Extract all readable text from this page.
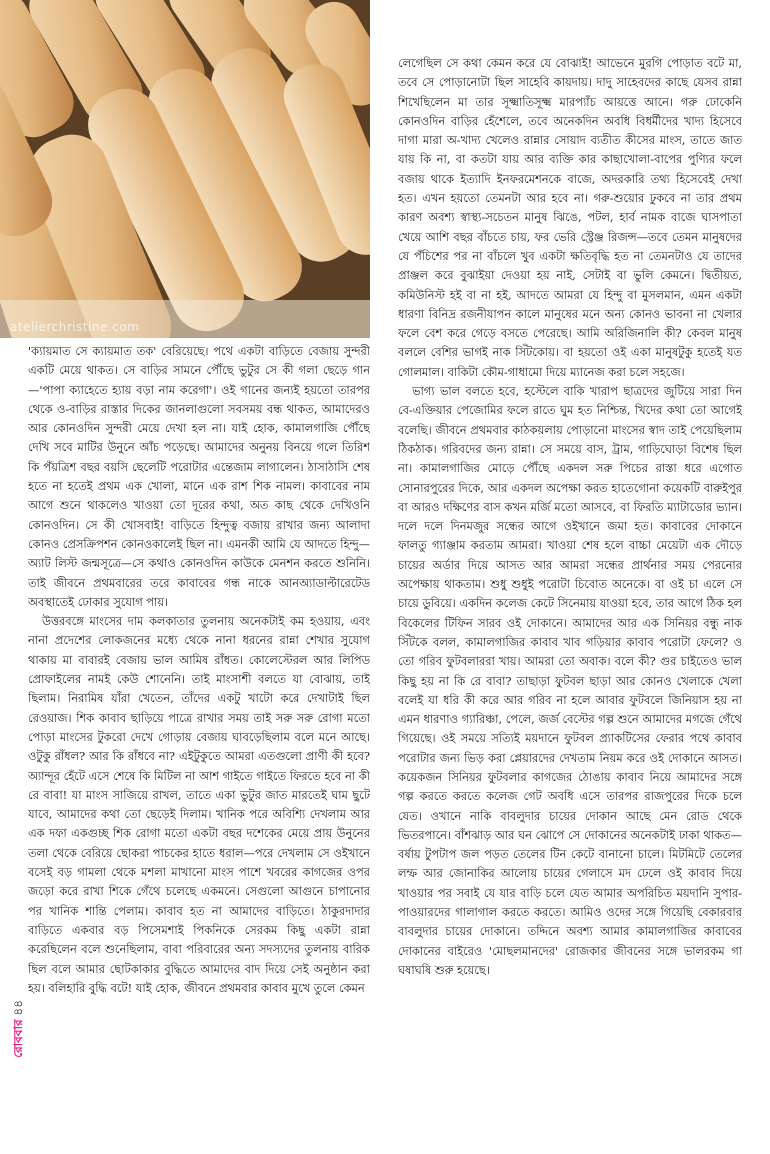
atelierchristine.com

'ক্যায়মাত সে ক্যায়মাত তক' বেরিয়েছে। পথে একটা বাড়িতে বেজায় সুন্দরী একটি মেয়ে থাকত। সে বাড়ির সামনে পৌঁছে ভুটুর সে কী গলা ছেড়ে গান—'পাপা ক্যাহেতে হ্যায় বড়া নাম করেগা'। ওই গানের জন্যই হয়তো তারপর থেকে ও-বাড়ির রাস্তার দিকের জানলাগুলো সবসময় বন্ধ থাকত, আমাদেরও আর কোনওদিন সুন্দরী মেয়ে দেখা হল না। যাই হোক, কামালগাজি পৌঁছে দেখি সবে মাটির উনুনে আঁচ পড়েছে। আমাদের অনুনয় বিনয়ে গলে তিরিশ কি পঁয়ত্রিশ বছর বয়সি ছেলেটি পরোটার এন্তেজাম লাগালেন। ঠাসাঠাসি শেষ হতে না হতেই প্রথম এক খোলা, মানে এক রাশ শিক নামল। কাবাবের নাম আগে শুনে থাকলেও খাওয়া তো দূরের কথা, অত কাছ থেকে দেখিওনি কোনওদিন। সে কী খোসবাই! বাড়িতে হিন্দুত্ব বজায় রাখার জন্য আলাদা কোনও প্রেসক্রিপশন কোনওকালেই ছিল না। এমনকী আমি যে আদতে হিন্দু—অ্যাট লিস্ট জন্মসূত্রে—সে কথাও কোনওদিন কাউকে মেনশন করতে শুনিনি। তাই জীবনে প্রথমবারের তরে কাবাবের গন্ধ নাকে আনঅ্যাডাল্টারেটেড অবস্থাতেই ঢোকার সুযোগ পায়।

উত্তরবঙ্গে মাংসের দাম কলকাতার তুলনায় অনেকটাই কম হওয়ায়, এবং নানা প্রদেশের লোকজনের মধ্যে থেকে নানা ধরনের রান্না শেখার সুযোগ থাকায় মা বাবারই বেজায় ভাল আমিষ রাঁধত। কোলেস্টেরল আর লিপিড প্রোফাইলের নামই কেউ শোনেনি। তাই মাংসাশী বলতে যা বোঝায়, তাই ছিলাম। নিরামিষ যাঁরা খেতেন, তাঁদের একটু খাটো করে দেখাটাই ছিল রেওয়াজ। শিক কাবাব ছাড়িয়ে পাত্রে রাখার সময় তাই সরু সরু রোগা মতো পোড়া মাংসের টুকরো দেখে গোড়ায় বেজায় ঘাবড়েছিলাম বলে মনে আছে। ওটুকু রাঁধল? আর কি রাঁধবে না? এইটুকুতে আমরা এতগুলো প্রাণী কী হবে? অ্যান্দূর হেঁটে এসে শেষে কি মিটিল না আশ গাইতে গাইতে ফিরতে হবে না কী রে বাবা! যা মাংস সাজিয়ে রাখল, তাতে একা ভুটুর জাত মারতেই ঘাম ছুটে যাবে, আমাদের কথা তো ছেড়েই দিলাম। খানিক পরে অবিশ্যি দেখলাম আর এক দফা একগুচ্ছ শিক রোগা মতো একটা বছর দশেকের মেয়ে প্রায় উনুনের তলা থেকে বেরিয়ে ছোকরা পাচকের হাতে ধরাল—পরে দেখলাম সে ওইখানে বসেই বড় গামলা থেকে মশলা মাখানো মাংস পাশে খবরের কাগজের ওপর জড়ো করে রাখা শিকে গেঁথে চলেছে একমনে। সেগুলো আগুনে চাপানোর পর খানিক শান্তি পেলাম। কাবাব হত না আমাদের বাড়িতে। ঠাকুরদাদার বাড়িতে একবার বড় পিসেমশাই পিকনিকে সেরকম কিছু একটা রান্না করেছিলেন বলে শুনেছিলাম, বাবা পরিবারের অন্য সদস্যদের তুলনায় বারিক ছিল বলে আমার ছোটকাকার বুদ্ধিতে আমাদের বাদ দিয়ে সেই অনুষ্ঠান করা হয়। বলিহারি বুদ্ধি বটে! যাই হোক, জীবনে প্রথমবার কাবাব মুখে তুলে কেমন

লেগেছিল সে কথা কেমন করে যে বোঝাই! আভেনে মুরগি পোড়াত বটে মা, তবে সে পোড়ানোটা ছিল সাহেবি কায়দায়। দাদু সাহেবদের কাছে যেসব রান্না শিখেছিলেন মা তার সূক্ষ্মাতিসূক্ষ্ম মারপ্যাঁচ আয়ত্তে আনে। গরু ঢোকেনি কোনওদিন বাড়ির হেঁশেলে, তবে অনেকদিন অবধি বিধর্মীদের খাদ্য হিসেবে দাগা মারা অ-খাদ্য খেলেও রান্নার সোয়াদ ব্যতীত কীসের মাংস, তাতে জাত যায় কি না, বা কতটা যায় আর ব্যক্তি কার কাছাখোলা-বাপের পুণ্যির ফলে বজায় থাকে ইত্যাদি ইনফরমেশনকে বাজে, অদরকারি তথ্য হিসেবেই দেখা হত। এখন হয়তো তেমনটা আর হবে না। গরু-শুয়োর ঢুকবে না তার প্রথম কারণ অবশ্য স্বাস্থ্য-সচেতন মানুষ ঝিঙে, পটল, হার্ব নামক বাজে ঘাসপাতা খেয়ে আশি বছর বাঁচতে চায়, ফর ভেরি স্ট্রেঞ্জ রিজন্স—তবে তেমন মানুষদের যে পঁচিশের পর না বাঁচলে খুব একটা ক্ষতিবৃদ্ধি হত না তেমনটাও যে তাদের প্রাঞ্জল করে বুঝাইয়া দেওয়া হয় নাই, সেটাই বা ভুলি কেমনে। দ্বিতীয়ত, কমিউনিস্ট হই বা না হই, আদতে আমরা যে হিন্দু বা মুসলমান, এমন একটা ধারণা বিনিদ্র রজনীযাপন কালে মানুষের মনে অন্য কোনও ভাবনা না খেলার ফলে বেশ করে গেড়ে বসতে পেরেছে। আমি অরিজিনালি কী? কেবল মানুষ বললে বেশির ভাগই নাক সিঁটকোয়। বা হয়তো ওই একা মানুষটুকু হতেই যত গোলমাল। বাকিটা কৌম-গাধামো দিয়ে ম্যানেজ করা চলে সহজে।

ভাগ্য ভাল বলতে হবে, হস্টেলে বাকি খারাপ ছাত্রদের জুটিয়ে সারা দিন বে-এক্তিয়ার পেজোমির ফলে রাতে ঘুম হত নিশ্চিন্ত, খিদের কথা তো আগেই বলেছি। জীবনে প্রথমবার কাঠকয়লায় পোড়ানো মাংসের স্বাদ তাই পেয়েছিলাম ঠিকঠাক। গরিবদের জন্য রান্না। সে সময়ে বাস, ট্রাম, গাড়িঘোড়া বিশেষ ছিল না। কামালগাজির মোড়ে পৌঁছে একদল সরু পিচের রাস্তা ধরে এগোত সোনারপুরের দিকে, আর একদল অপেক্ষা করত হাতেগোনা কয়েকটি বারুইপুর বা আরও দক্ষিণের বাস কখন মর্জি মতো আসবে, বা ফিরতি ম্যাটাডোর ভ্যান। দলে দলে দিনমজুর সন্ধের আগে ওইখানে জমা হত। কাবাবের দোকানে ফালতু গ্যাঞ্জাম করতাম আমরা। খাওয়া শেষ হলে বাচ্চা মেয়েটা এক দৌড়ে চায়ের অর্ডার দিয়ে আসত আর আমরা সন্ধের প্রার্থনার সময় পেরনোর অপেক্ষায় থাকতাম। শুধু শুধুই পরোটা চিবোত অনেকে। বা ওই চা এলে সে চায়ে ডুবিয়ে। একদিন কলেজ কেটে সিনেমায় যাওয়া হবে, তার আগে ঠিক হল বিকেলের টিফিন সারব ওই দোকানে। আমাদের আর এক সিনিয়র বন্ধু নাক সিঁটকে বলল, কামালগাজির কাবাব খাব গড়িয়ার কাবাব পরোটা ফেলে? ও তো গরিব ফুটবলাররা খায়। আমরা তো অবাক। বলে কী? গুর চাইতেও ভাল কিছু হয় না কি রে বাবা? তাছাড়া ফুটবল ছাড়া আর কোনও খেলাকে খেলা বলেই যা ধরি কী করে আর গরিব না হলে আবার ফুটবলে জিনিয়াস হয় না এমন ধারণাও গ্যারিঞ্চা, পেলে, জর্জ বেস্টের গল্প শুনে আমাদের মগজে গেঁথে গিয়েছে। ওই সময়ে সত্যিই ময়দানে ফুটবল প্র্যাকটিসের ফেরার পথে কাবাব পরোটার জন্য ভিড় করা প্লেয়ারদের দেখতাম নিয়ম করে ওই দোকানে আসত। কয়েকজন সিনিয়র ফুটবলার কাগজের ঠোঙায় কাবাব নিয়ে আমাদের সঙ্গে গল্প করতে করতে কলেজ গেট অবধি এসে তারপর রাজপুরের দিকে চলে যেত। ওখানে নাকি বাবলুদার চায়ের দোকান আছে মেন রোড থেকে ভিতরপানে। বাঁশঝাড় আর ঘন ঝোপে সে দোকানের অনেকটাই ঢাকা থাকত—বর্ষায় টুপটাপ জল পড়ত তেলের টিন কেটে বানানো চালে। মিটমিটে তেলের লম্ফ আর জোনাকির আলোয় চায়ের গেলাসে মদ ঢেলে ওই কাবাব দিয়ে খাওয়ার পর সবাই যে যার বাড়ি চলে যেত আমার অপরিচিত ময়দানি সুপার-পাওয়ারদের গালাগাল করতে করতে। আমিও ওদের সঙ্গে গিয়েছি বেকারবার বাবলুদার চায়ের দোকানে। তদ্দিনে অবশ্য আমার কামালগাজির কাবাবের দোকানের বাইরেও 'মোছলমানদের' রোজকার জীবনের সঙ্গে ভালরকম গা ঘষাঘষি শুরু হয়েছে।

রোববার ৪৪
